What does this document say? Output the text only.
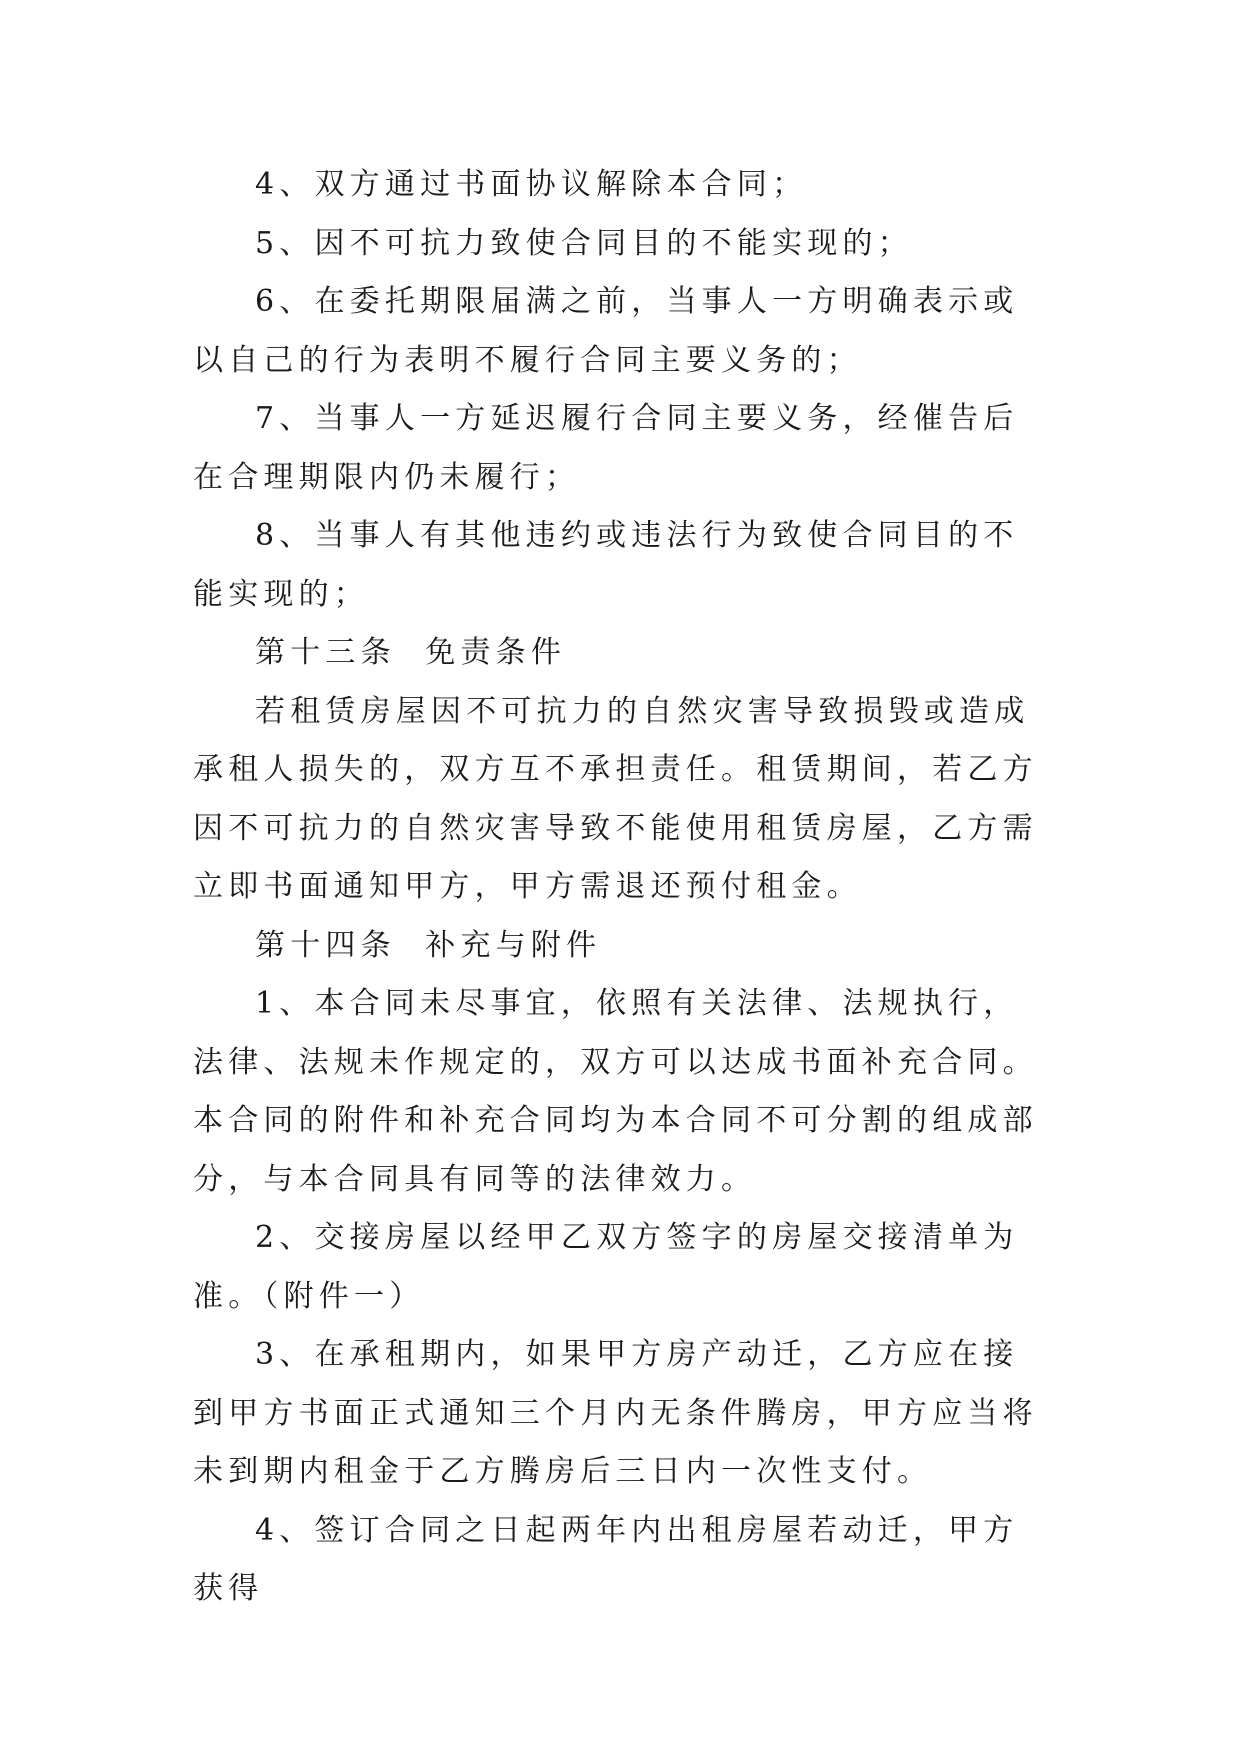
4、双方通过书面协议解除本合同；

5、因不可抗力致使合同目的不能实现的；

6、在委托期限届满之前，当事人一方明确表示或以自己的行为表明不履行合同主要义务的；

7、当事人一方延迟履行合同主要义务，经催告后在合理期限内仍未履行；

8、当事人有其他违约或违法行为致使合同目的不能实现的；

第十三条  免责条件

若租赁房屋因不可抗力的自然灾害导致损毁或造成承租人损失的，双方互不承担责任。租赁期间，若乙方因不可抗力的自然灾害导致不能使用租赁房屋，乙方需立即书面通知甲方，甲方需退还预付租金。

第十四条  补充与附件

1、本合同未尽事宜，依照有关法律、法规执行，法律、法规未作规定的，双方可以达成书面补充合同。本合同的附件和补充合同均为本合同不可分割的组成部分，与本合同具有同等的法律效力。

2、交接房屋以经甲乙双方签字的房屋交接清单为准。（附件一）

3、在承租期内，如果甲方房产动迁，乙方应在接到甲方书面正式通知三个月内无条件腾房，甲方应当将未到期内租金于乙方腾房后三日内一次性支付。

4、签订合同之日起两年内出租房屋若动迁，甲方获得
